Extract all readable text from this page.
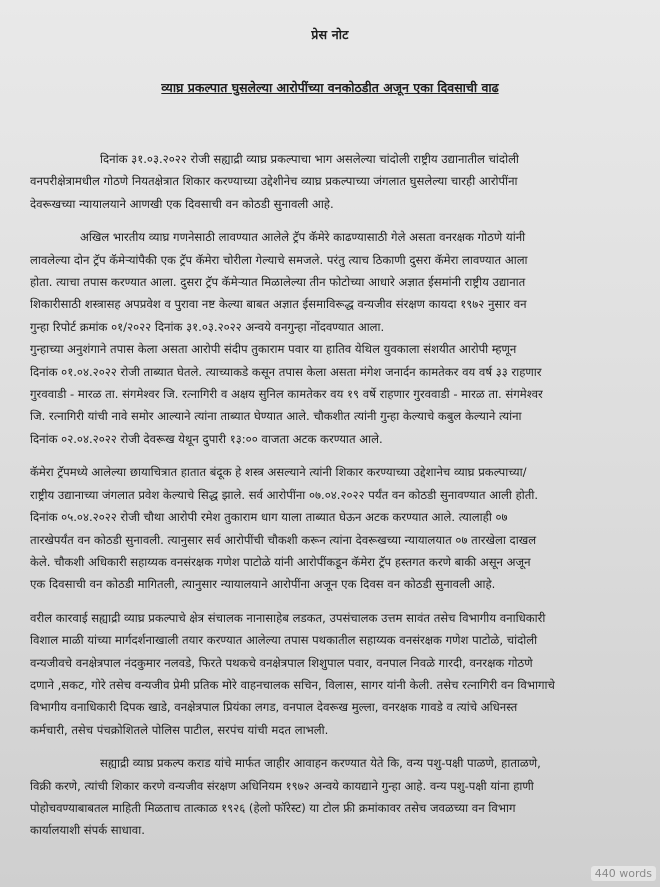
प्रेस नोट
व्याघ्र प्रकल्पात घुसलेल्या आरोपींच्या वनकोठडीत अजून एका दिवसाची वाढ
दिनांक ३१.०३.२०२२ रोजी सह्याद्री व्याघ्र प्रकल्पाचा भाग असलेल्या चांदोली राष्ट्रीय उद्यानातील चांदोली
वनपरीक्षेत्रामधील गोठणे नियतक्षेत्रात शिकार करण्याच्या उद्देशीनेच व्याघ्र प्रकल्पाच्या जंगलात घुसलेल्या चारही आरोपींना
देवरूखच्या न्यायालयाने आणखी एक दिवसाची वन कोठडी सुनावली आहे.
अखिल भारतीय व्याघ्र गणनेसाठी लावण्यात आलेले ट्रॅप कॅमेरे काढण्यासाठी गेले असता वनरक्षक गोठणे यांनी
लावलेल्या दोन ट्रॅप कॅमेऱ्यांपैकी एक ट्रॅप कॅमेरा चोरीला गेल्याचे समजले. परंतु त्याच ठिकाणी दुसरा कॅमेरा लावण्यात आला
होता. त्याचा तपास करण्यात आला. दुसरा ट्रॅप कॅमेऱ्यात मिळालेल्या तीन फोटोच्या आधारे अज्ञात ईसमांनी राष्ट्रीय उद्यानात
शिकारीसाठी शस्त्रासह अपप्रवेश व पुरावा नष्ट केल्या बाबत अज्ञात ईसमाविरूद्ध वन्यजीव संरक्षण कायदा १९७२ नुसार वन
गुन्हा रिपोर्ट क्रमांक ०१/२०२२ दिनांक ३१.०३.२०२२ अन्वये वनगुन्हा नोंदवण्यात आला.
गुन्हाच्या अनुशंगाने तपास केला असता आरोपी संदीप तुकाराम पवार या हातिव येथिल युवकाला संशयीत आरोपी म्हणून
दिनांक ०१.०४.२०२२ रोजी ताब्यात घेतले. त्याच्याकडे कसून तपास केला असता मंगेश जनार्दन कामतेकर वय वर्ष ३३ राहणार
गुरववाडी - मारळ ता. संगमेश्वर जि. रत्नागिरी व अक्षय सुनिल कामतेकर वय १९ वर्षे राहणार गुरववाडी - मारळ ता. संगमेश्वर
जि. रत्नागिरी यांची नावे समोर आल्याने त्यांना ताब्यात घेण्यात आले. चौकशीत त्यांनी गुन्हा केल्याचे कबुल केल्याने त्यांना
दिनांक ०२.०४.२०२२ रोजी देवरूख येथून दुपारी १३:०० वाजता अटक करण्यात आले.
कॅमेरा ट्रॅपमध्ये आलेल्या छायाचित्रात हातात बंदूक हे शस्त्र असल्याने त्यांनी शिकार करण्याच्या उद्देशानेच व्याघ्र प्रकल्पाच्या/
राष्ट्रीय उद्यानाच्या जंगलात प्रवेश केल्याचे सिद्ध झाले. सर्व आरोपींना ०७.०४.२०२२ पर्यंत वन कोठडी सुनावण्यात आली होती.
दिनांक ०५.०४.२०२२ रोजी चौथा आरोपी रमेश तुकाराम धाग याला ताब्यात घेऊन अटक करण्यात आले. त्यालाही ०७
तारखेपर्यंत वन कोठडी सुनावली. त्यानुसार सर्व आरोपींची चौकशी करून त्यांना देवरूखच्या न्यायालयात ०७ तारखेला दाखल
केले. चौकशी अधिकारी सहाय्यक वनसंरक्षक गणेश पाटोळे यांनी आरोपींकडून कॅमेरा ट्रॅप हस्तगत करणे बाकी असून अजून
एक दिवसाची वन कोठडी मागितली, त्यानुसार न्यायालयाने आरोपींना अजून एक दिवस वन कोठडी सुनावली आहे.
वरील कारवाई सह्याद्री व्याघ्र प्रकल्पाचे क्षेत्र संचालक नानासाहेब लडकत, उपसंचालक उत्तम सावंत तसेच विभागीय वनाधिकारी
विशाल माळी यांच्या मार्गदर्शनाखाली तयार करण्यात आलेल्या तपास पथकातील सहाय्यक वनसंरक्षक गणेश पाटोळे, चांदोली
वन्यजीवचे वनक्षेत्रपाल नंदकुमार नलवडे, फिरते पथकचे वनक्षेत्रपाल शिशुपाल पवार, वनपाल निवळे गारदी, वनरक्षक गोठणे
दणाने ,सकट, गोरे तसेच वन्यजीव प्रेमी प्रतिक मोरे वाहनचालक सचिन, विलास, सागर यांनी केली. तसेच रत्नागिरी वन विभागाचे
विभागीय वनाधिकारी दिपक खाडे, वनक्षेत्रपाल प्रियंका लगड, वनपाल देवरूख मुल्ला, वनरक्षक गावडे व त्यांचे अधिनस्त
कर्मचारी, तसेच पंचक्रोशितले पोलिस पाटील, सरपंच यांची मदत लाभली.
सह्याद्री व्याघ्र प्रकल्प कराड यांचे मार्फत जाहीर आवाहन करण्यात येते कि, वन्य पशु-पक्षी पाळणे, हाताळणे,
विक्री करणे, त्यांची शिकार करणे वन्यजीव संरक्षण अधिनियम १९७२ अन्वये कायद्याने गुन्हा आहे. वन्य पशु-पक्षी यांना हाणी
पोहोचवण्याबाबतल माहिती मिळताच तात्काळ १९२६ (हेलो फॉरेस्ट) या टोल फ्री क्रमांकावर तसेच जवळच्या वन विभाग
कार्यालयाशी संपर्क साधावा.
440 words
